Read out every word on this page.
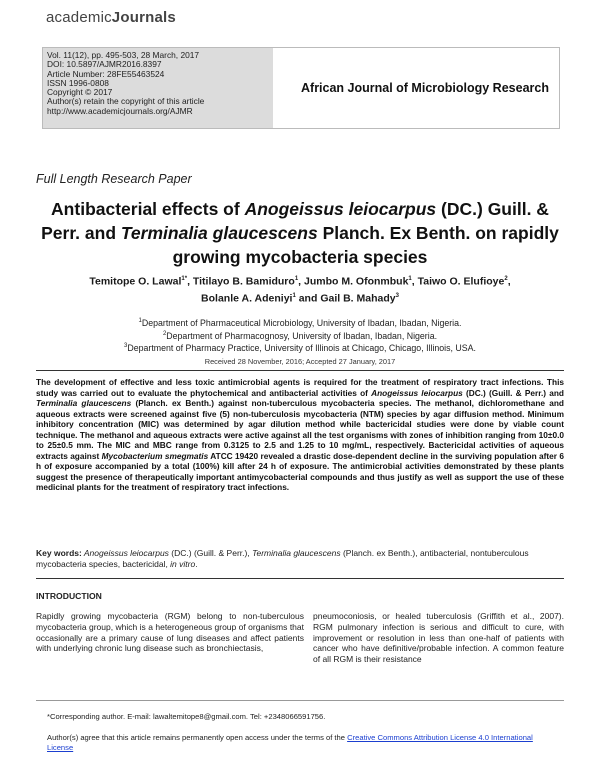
academicJournals
Vol. 11(12), pp. 495-503, 28 March, 2017
DOI: 10.5897/AJMR2016.8397
Article Number: 28FE55463524
ISSN 1996-0808
Copyright © 2017
Author(s) retain the copyright of this article
http://www.academicjournals.org/AJMR
African Journal of Microbiology Research
Full Length Research Paper
Antibacterial effects of Anogeissus leiocarpus (DC.) Guill. & Perr. and Terminalia glaucescens Planch. Ex Benth. on rapidly growing mycobacteria species
Temitope O. Lawal$^{1*}$, Titilayo B. Bamiduro$^1$, Jumbo M. Ofonmbuk$^1$, Taiwo O. Elufioye$^2$,
Bolanle A. Adeniyi$^1$ and Gail B. Mahady$^3$
$^1$Department of Pharmaceutical Microbiology, University of Ibadan, Ibadan, Nigeria.
$^2$Department of Pharmacognosy, University of Ibadan, Ibadan, Nigeria.
$^3$Department of Pharmacy Practice, University of Illinois at Chicago, Chicago, Illinois, USA.
Received 28 November, 2016; Accepted 27 January, 2017
The development of effective and less toxic antimicrobial agents is required for the treatment of respiratory tract infections. This study was carried out to evaluate the phytochemical and antibacterial activities of Anogeissus leiocarpus (DC.) (Guill. & Perr.) and Terminalia glaucescens (Planch. ex Benth.) against non-tuberculous mycobacteria species. The methanol, dichloromethane and aqueous extracts were screened against five (5) non-tuberculosis mycobacteria (NTM) species by agar diffusion method. Minimum inhibitory concentration (MIC) was determined by agar dilution method while bactericidal studies were done by viable count technique. The methanol and aqueous extracts were active against all the test organisms with zones of inhibition ranging from 10±0.0 to 25±0.5 mm. The MIC and MBC range from 0.3125 to 2.5 and 1.25 to 10 mg/mL, respectively. Bactericidal activities of aqueous extracts against Mycobacterium smegmatis ATCC 19420 revealed a drastic dose-dependent decline in the surviving population after 6 h of exposure accompanied by a total (100%) kill after 24 h of exposure. The antimicrobial activities demonstrated by these plants suggest the presence of therapeutically important antimycobacterial compounds and thus justify as well as support the use of these medicinal plants for the treatment of respiratory tract infections.
Key words: Anogeissus leiocarpus (DC.) (Guill. & Perr.), Terminalia glaucescens (Planch. ex Benth.), antibacterial, nontuberculous mycobacteria species, bactericidal, in vitro.
INTRODUCTION
Rapidly growing mycobacteria (RGM) belong to non-tuberculous mycobacteria group, which is a heterogeneous group of organisms that occasionally are a primary cause of lung diseases and affect patients with underlying chronic lung disease such as bronchiectasis,
pneumoconiosis, or healed tuberculosis (Griffith et al., 2007). RGM pulmonary infection is serious and difficult to cure, with improvement or resolution in less than one-half of patients with cancer who have definitive/probable infection. A common feature of all RGM is their resistance
*Corresponding author. E-mail: lawaltemitope8@gmail.com. Tel: +2348066591756.
Author(s) agree that this article remains permanently open access under the terms of the Creative Commons Attribution License 4.0 International License
